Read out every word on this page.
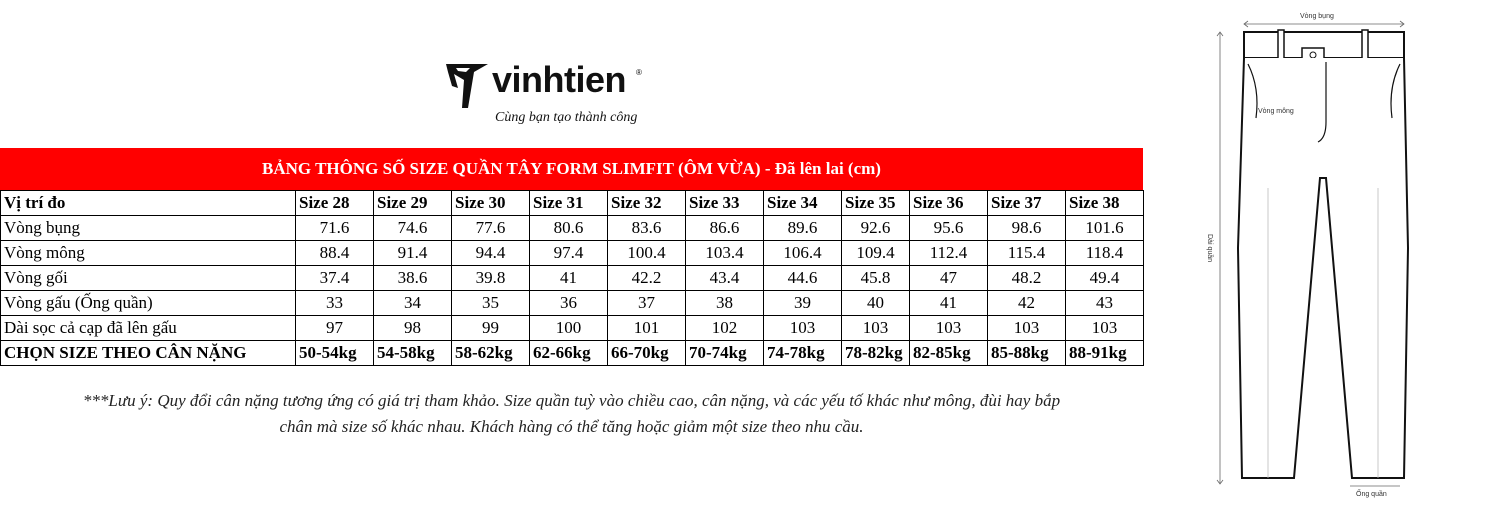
vinhtien ®
Cùng bạn tạo thành công
BẢNG THÔNG SỐ SIZE QUẦN TÂY FORM SLIMFIT (ÔM VỪA) - Đã lên lai (cm)
Vị trí đo	Size 28	Size 29	Size 30	Size 31	Size 32	Size 33	Size 34	Size 35	Size 36	Size 37	Size 38
Vòng bụng	71.6	74.6	77.6	80.6	83.6	86.6	89.6	92.6	95.6	98.6	101.6
Vòng mông	88.4	91.4	94.4	97.4	100.4	103.4	106.4	109.4	112.4	115.4	118.4
Vòng gối	37.4	38.6	39.8	41	42.2	43.4	44.6	45.8	47	48.2	49.4
Vòng gấu (Ống quần)	33	34	35	36	37	38	39	40	41	42	43
Dài sọc cả cạp đã lên gấu	97	98	99	100	101	102	103	103	103	103	103
CHỌN SIZE THEO CÂN NẶNG	50-54kg	54-58kg	58-62kg	62-66kg	66-70kg	70-74kg	74-78kg	78-82kg	82-85kg	85-88kg	88-91kg
***Lưu ý: Quy đổi cân nặng tương ứng có giá trị tham khảo. Size quần tuỳ vào chiều cao, cân nặng, và các yếu tố khác như mông, đùi hay bắp
chân mà size số khác nhau. Khách hàng có thể tăng hoặc giảm một size theo nhu cầu.
Vòng bụng
Vòng mông
Dài quần
Ống quần
